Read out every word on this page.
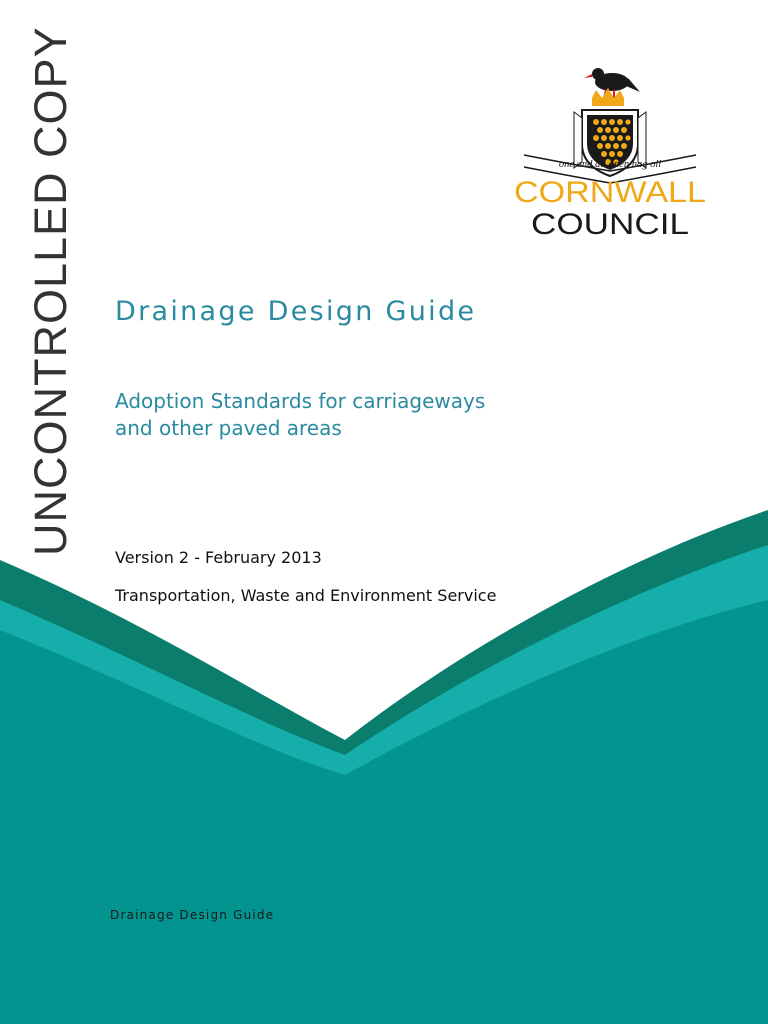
UNCONTROLLED COPY	one and all onen hag oll
CORNWALL
COUNCIL
Drainage Design Guide
Adoption Standards for carriageways
and other paved areas

Version 2 - February 2013

Transportation, Waste and Environment Service

Drainage Design Guide
